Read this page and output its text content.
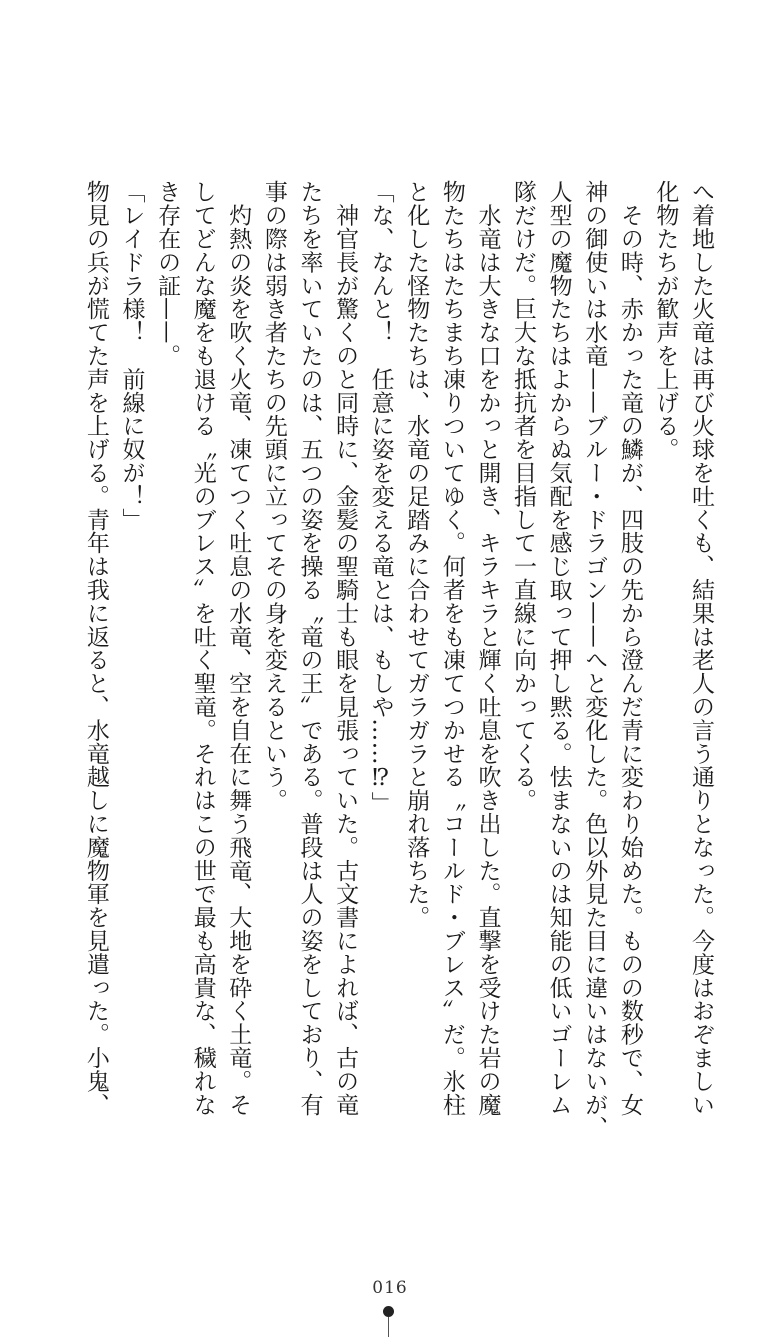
へ着地した火竜は再び火球を吐くも、結果は老人の言う通りとなった。今度はおぞましい
化物たちが歓声を上げる。
　その時、赤かった竜の鱗が、四肢の先から澄んだ青に変わり始めた。ものの数秒で、女
神の御使いは水竜——ブルー・ドラゴン——へと変化した。色以外見た目に違いはないが、
人型の魔物たちはよからぬ気配を感じ取って押し黙る。怯まないのは知能の低いゴーレム
隊だけだ。巨大な抵抗者を目指して一直線に向かってくる。
　水竜は大きな口をかっと開き、キラキラと輝く吐息を吹き出した。直撃を受けた岩の魔
物たちはたちまち凍りついてゆく。何者をも凍てつかせる〝コールド・ブレス〟だ。氷柱
と化した怪物たちは、水竜の足踏みに合わせてガラガラと崩れ落ちた。
「な、なんと！　任意に姿を変える竜とは、もしや……⁉」
　神官長が驚くのと同時に、金髪の聖騎士も眼を見張っていた。古文書によれば、古の竜
たちを率いていたのは、五つの姿を操る〝竜の王〟である。普段は人の姿をしており、有
事の際は弱き者たちの先頭に立ってその身を変えるという。
　灼熱の炎を吹く火竜、凍てつく吐息の水竜、空を自在に舞う飛竜、大地を砕く土竜。そ
してどんな魔をも退ける〝光のブレス〟を吐く聖竜。それはこの世で最も高貴な、穢れな
き存在の証——。
「レイドラ様！　前線に奴が！」
物見の兵が慌てた声を上げる。青年は我に返ると、水竜越しに魔物軍を見遣った。小鬼、
016
